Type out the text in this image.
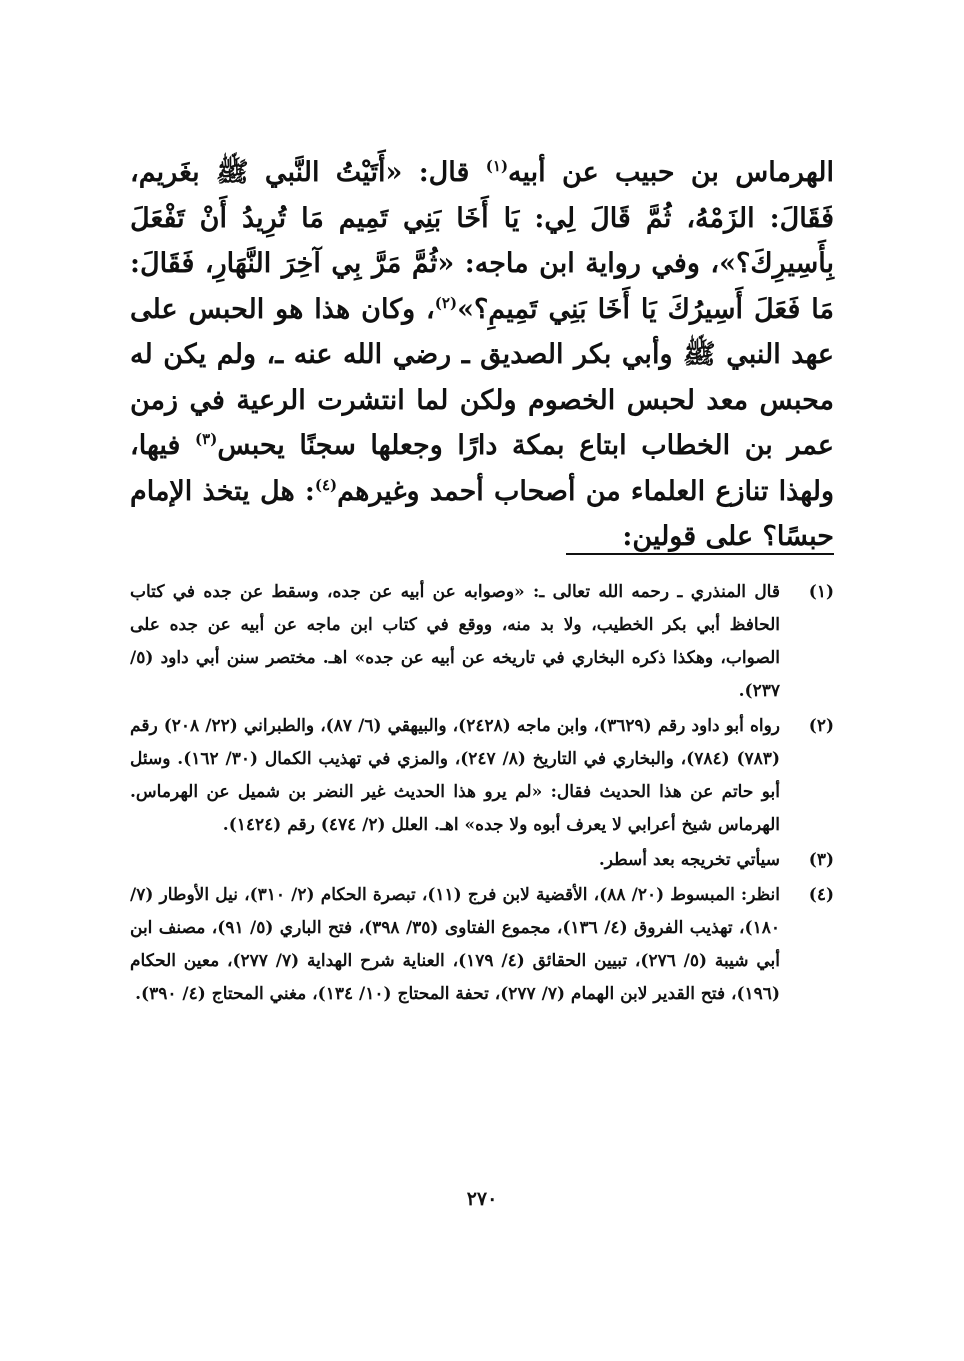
الهرماس بن حبيب عن أبيه$^{(١)}$ قال: «أَتَيْتُ النَّبي ﷺ بغَريم، فَقَالَ: الزَمْهُ، ثُمَّ قَالَ لِي: يَا أَخَا بَنِي تَمِيم مَا تُرِيدُ أَنْ تَفْعَلَ بِأَسِيرِكَ؟»، وفي رواية ابن ماجه: «ثُمَّ مَرَّ بِي آخِرَ النَّهَارِ، فَقَالَ: مَا فَعَلَ أَسِيرُكَ يَا أَخَا بَنِي تَمِيمِ؟»$^{(٢)}$، وكان هذا هو الحبس على عهد النبي ﷺ وأبي بكر الصديق ـ رضي الله عنه ـ، ولم يكن له محبس معد لحبس الخصوم ولكن لما انتشرت الرعية في زمن عمر بن الخطاب ابتاع بمكة دارًا وجعلها سجنًا يحبس$^{(٣)}$ فيها، ولهذا تنازع العلماء من أصحاب أحمد وغيرهم$^{(٤)}$: هل يتخذ الإمام حبسًا؟ على قولين:

(١)
قال المنذري ـ رحمه الله تعالى ـ: «وصوابه عن أبيه عن جده، وسقط عن جده في كتاب الحافظ أبي بكر الخطيب، ولا بد منه، ووقع في كتاب ابن ماجه عن أبيه عن جده على الصواب، وهكذا ذكره البخاري في تاريخه عن أبيه عن جده» اهـ. مختصر سنن أبي داود (٥/ ٢٣٧).
(٢)
رواه أبو داود رقم (٣٦٢٩)، وابن ماجه (٢٤٢٨)، والبيهقي (٦/ ٨٧)، والطبراني (٢٢/ ٢٠٨) رقم (٧٨٣) (٧٨٤)، والبخاري في التاريخ (٨/ ٢٤٧)، والمزي في تهذيب الكمال (٣٠/ ١٦٢). وسئل أبو حاتم عن هذا الحديث فقال: «لم يرو هذا الحديث غير النضر بن شميل عن الهرماس. الهرماس شيخ أعرابي لا يعرف أبوه ولا جده» اهـ. العلل (٢/ ٤٧٤) رقم (١٤٢٤).
(٣)
سيأتي تخريجه بعد أسطر.
(٤)
انظر: المبسوط (٢٠/ ٨٨)، الأقضية لابن فرج (١١)، تبصرة الحكام (٢/ ٣١٠)، نيل الأوطار (٧/ ١٨٠)، تهذيب الفروق (٤/ ١٣٦)، مجموع الفتاوى (٣٥/ ٣٩٨)، فتح الباري (٥/ ٩١)، مصنف ابن أبي شيبة (٥/ ٢٧٦)، تبيين الحقائق (٤/ ١٧٩)، العناية شرح الهداية (٧/ ٢٧٧)، معين الحكام (١٩٦)، فتح القدير لابن الهمام (٧/ ٢٧٧)، تحفة المحتاج (١٠/ ١٣٤)، مغني المحتاج (٤/ ٣٩٠).
٢٧٠
